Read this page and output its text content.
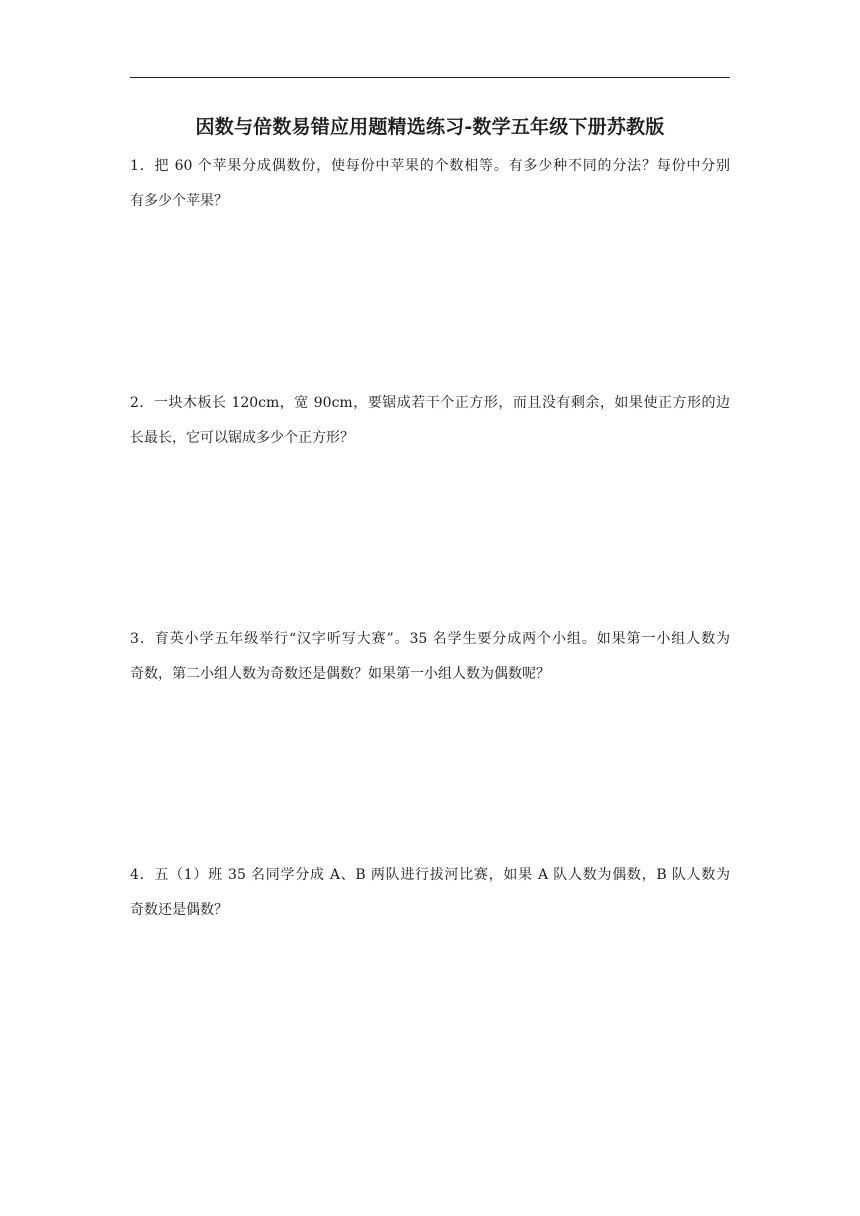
因数与倍数易错应用题精选练习-数学五年级下册苏教版
1．把 60 个苹果分成偶数份，使每份中苹果的个数相等。有多少种不同的分法？每份中分别
有多少个苹果？
2．一块木板长 120cm，宽 90cm，要锯成若干个正方形，而且没有剩余，如果使正方形的边
长最长，它可以锯成多少个正方形？
3．育英小学五年级举行“汉字听写大赛”。35 名学生要分成两个小组。如果第一小组人数为
奇数，第二小组人数为奇数还是偶数？如果第一小组人数为偶数呢？
4．五（1）班 35 名同学分成 A、B 两队进行拔河比赛，如果 A 队人数为偶数，B 队人数为
奇数还是偶数？
